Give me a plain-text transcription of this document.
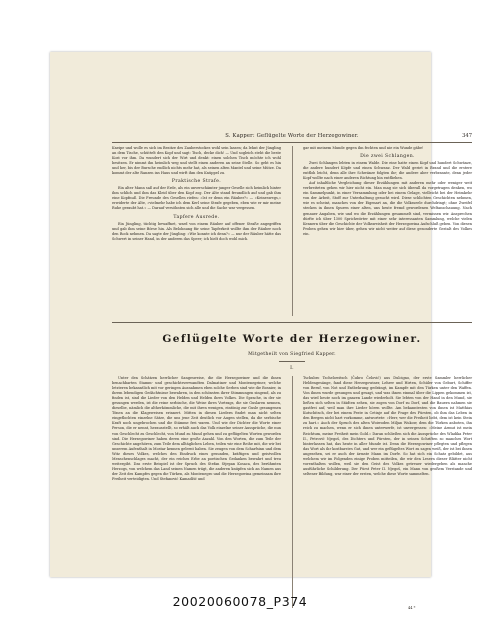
S. Kapper: Geflügelte Worte der Herzegowiner.	347

Kneipe und wolle es sich im Besitze des Zauberstockes wohl sein lassen; da lehnt der Jüngling an dem Tische, schüttelt den Kopf und sagt: Tisch, decke dich! — Und sogleich steht die beste Kost vor ihm. Da wundert sich der Wirt und denkt: einen solchen Tisch möchte ich wohl besitzen. Er nimmt ihn heimlich weg und stellt einen anderen an seine Stelle. So geht es hin und her, bis der Bursche endlich nichts mehr hat, als seinen alten Mantel und seine Mütze. Da kommt der alte Ranzen ins Haus und wirft ihm den Knüppel zu.

Praktische Strafe.

Ein alter Mann saß auf der Erde, als ein unverschämter junger Geselle sich heimlich hinter ihm schlich und ihm das Kleid über den Kopf zog. Der Alte stand freundlich auf und gab ihm eine Kopfnuß. Die Freunde des Gesellen riefen: »Ist er denn ein Räuber?« — »Keineswegs,« erwiderte der Alte, »vielmehr habe ich dem Kerl seine Strafe gegeben, eben wie er mir meine Ruhe geraubt hat.« — Darauf versöhnten sich alle und die Sache war vergessen.

Tapfere Ausrede.

Ein Jüngling, tüchtig bewaffnet, ward von einem Räuber auf offener Straße angegriffen und gab ihm seine Börse hin. Als Belohnung für seine Tapferkeit wollte ihm der Räuber noch den Rock nehmen. Da sagte der Jüngling: »Wie konnte ich denn?« — nur der Räuber hätte das Schwert in seiner Hand, in der anderen das Speer; ich hielt doch wohl mich.

gar mit meinem Munde gegen ihn fechten und nie ein Wunde gäbe!

Die zwei Schlangen.

Zwei Schlangen lebten in einem Walde. Die eine hatte einen Kopf und hundert Schwänze, die andere hundert Köpfe und einen Schwanz. Der Wald geriet in Brand und die erstere entfloh leicht, denn alle ihre Schwänze folgten ihr; die andere aber verbrannte, denn jeder Kopf wollte nach einer anderen Richtung hin entfliehen.

Auf inhaltliche Vergleichung dieser Erzählungen mit anderen mehr oder weniger weit verbreiteten gehen wir hier nicht ein. Man mag sie sich überall da vorgetragen denken, wo ein Sammelpunkt, in einer Versammlung oder bei einem Gelage, vielleicht bei der Heimkehr von der Arbeit, Stoff zur Unterhaltung gesucht wird. Diese schlichten Geschichten nehmen, wie es scheint, manches von der Eigenart an, die die Volksseele durchdringt; ohne Zweifel stecken in ihnen Spuren einer alten, uns heute fremd gewordenen Weltanschauung. Nach genauer Angaben, wie und wo die Erzählungen gesammelt sind, vermissen wir. Ansprechen dürfte ich über 1300 Sprichwörter mit einer sehr interessanten Sammlung, welche vielen Kennern über die Geschichte der Volksweisheit der Herzegowina Aufschluß geben. Von diesen Proben gehen wir hier über, gehen wir nicht weiter auf diese gesonderte Gestalt des Volkes ein.

Geflügelte Worte der Herzegowiner.
Mitgetheilt von Siegfried Kapper.
I.

Unter den Schätzen herrlicher Sangesweise, die die Herzegowiner und die ihnen benachbarten Stamm- und geschichtsverwandten Dalmatiner und Montenegriner, welche letzteren bekanntlich mit vor geringen Ausnahmen eben solche Serben sind wie die Bosnier, in ihrem lebendigen Gedächtnisse bewahren, in den schönsten ihrer Stimmungen singend, als zu finden ist, sind die Lieder von den Helden und Helden ihres Volkes. Die Sprache, in der sie gesungen werden, ist die reine serbische, die Weise ihres Vortrags, die sie Guslaren nennen, dieselbe, nämlich die altherkömmliche, die mit ihren wenigen, eintönig zur Gusle gesungenen Tönen an die Klageweisen erinnert. Mitten in diesen Liedern findet man nicht selten eingeflochten einzelne Sätze, die uns jene Zeit deutlich vor Augen stellen, da die serbische Kraft noch ungebrochen und die Stämme frei waren. Und wie der Dichter die Worte einer Person, die er nennt, herausstellt, so erhält auch das Volk einzelne seiner Aussprüche, die nun von Geschlecht zu Geschlecht, von Mund zu Mund gehen und zu geflügelten Worten geworden sind. Die Herzegowiner haben deren eine große Anzahl. Von den Worten, die zum Teile der Geschichte angehören, zum Teile dem alltäglichen Leben, teilen wir eine Reihe mit, die wir bei unserem Aufenthalt in Mostar kennen gelernt haben. Sie zeugen von dem Scharfsinn und dem Witz dieses Volkes, welches den Eindruck eines gesunden, kräftigen und geistvollen Menschenschlages macht, der ein reiches Erbe an poetischen Gedanken bewahrt und treu weitergibt. Das erste Beispiel ist der Spruch des Stefan Stjepan Kosaca, des berühmten Herzogs, von welchem das Land seinen Namen trägt, die anderen knüpfen sich an Namen aus der Zeit des Kampfes gegen die Türken, als Montenegro und die Herzegowina gemeinsam ihre Freiheit verteidigten. Und Stefanović Kamadžić und

Tschubro Tschelowitsch (Čubro Čelović) aus Dulcigno, der erste Sammler herrlicher Heldengesänge, fand diese Herzegowiner, Lehrer und Hirten, Schüler von Geburt, Schiffer von Beruf, von Not und Entbehrung gedrängt, im Kampfe mit den Türken unter den Waffen. Von ihnen wurde gesungen und gesagt, und was ihnen einmal über die Lippen gekommen ist, das wird heute noch im ganzen Lande wiederholt. Sie lebten von der Hand in den Mund, sie ließen sich selten in Städten sehen, sie zogen von Dorf zu Dorf, und die Bauern nahmen sie gastfrei auf, weil man ihre Lieder hören wollte. Am bekanntesten von ihnen ist Matthias Kutschitsch, der bei einem Feste in Cetinje auf die Frage des Fürsten, ob ihm das Leben in den Bergen nicht hart vorkomme, antwortete: »Herr, wer die Freiheit liebt, dem ist kein Stein zu hart.« Auch der Spruch des alten Woiwoden Miljan Wukow, dem die Türken anboten, ihn reich zu machen, wenn er sich ihnen unterwerfe, ist unvergessen: »Meine Armut ist mein Reichtum, meine Freiheit mein Gold.« Daran schließen sich die Aussprüche des Wladika Peter II., Petrović Njegoš, des Dichters und Fürsten, der in seinen Schriften so manches Wort hinterlassen hat, das heute in aller Munde ist. Denn die Herzegowiner pflegten und pflegen das Wort als ihr kostbarstes Gut, und wer ein geflügeltes Wort zu sagen weiß, der ist bei ihnen angesehen, sei er auch der ärmste Mann im Dorfe. So hat sich ein Schatz gebildet, aus welchem wir im Folgenden einige Proben mitteilen, die wir den Lesern dieser Blätter nicht vorenthalten wollen, weil sie den Geist des Volkes getreuer wiedergeben als manche ausführliche Schilderung. Der Fürst Peter II. Njegoš, ein Mann von großem Verstande und seltener Bildung, war einer der ersten, welche diese Worte sammelten.

44 *
20020060078_P374
